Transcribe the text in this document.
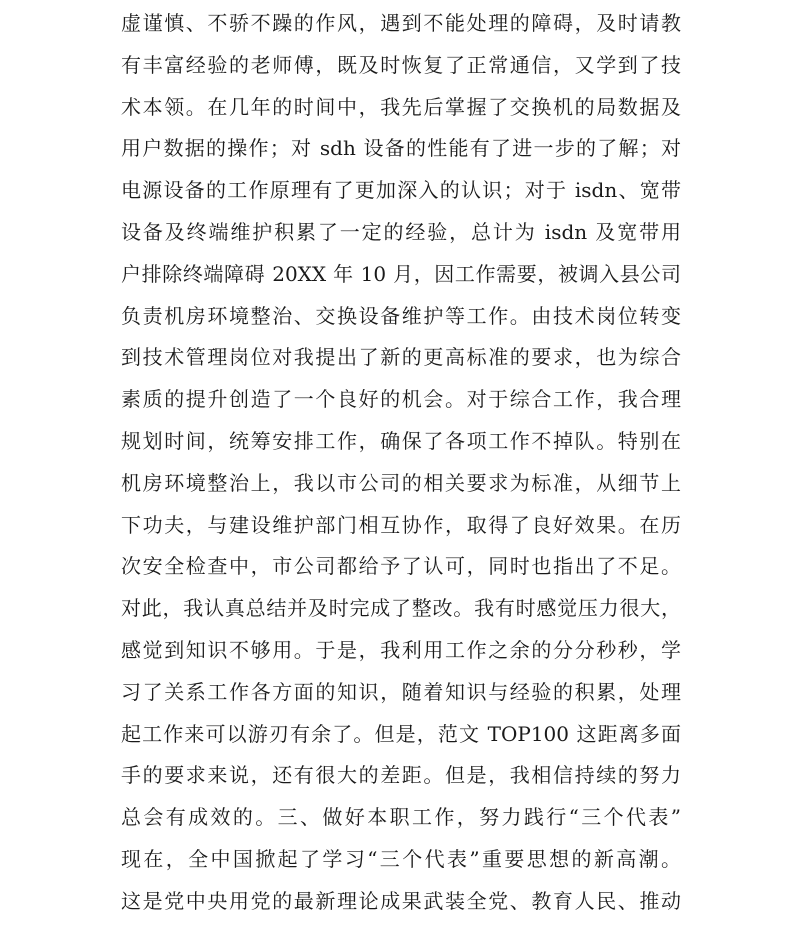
虚谨慎、不骄不躁的作风，遇到不能处理的障碍，及时请教
有丰富经验的老师傅，既及时恢复了正常通信，又学到了技
术本领。在几年的时间中，我先后掌握了交换机的局数据及
用户数据的操作；对 sdh 设备的性能有了进一步的了解；对
电源设备的工作原理有了更加深入的认识；对于 isdn、宽带
设备及终端维护积累了一定的经验，总计为 isdn 及宽带用
户排除终端障碍 20XX 年 10 月，因工作需要，被调入县公司
负责机房环境整治、交换设备维护等工作。由技术岗位转变
到技术管理岗位对我提出了新的更高标准的要求，也为综合
素质的提升创造了一个良好的机会。对于综合工作，我合理
规划时间，统筹安排工作，确保了各项工作不掉队。特别在
机房环境整治上，我以市公司的相关要求为标准，从细节上
下功夫，与建设维护部门相互协作，取得了良好效果。在历
次安全检查中，市公司都给予了认可，同时也指出了不足。
对此，我认真总结并及时完成了整改。我有时感觉压力很大，
感觉到知识不够用。于是，我利用工作之余的分分秒秒，学
习了关系工作各方面的知识，随着知识与经验的积累，处理
起工作来可以游刃有余了。但是，范文 TOP100 这距离多面
手的要求来说，还有很大的差距。但是，我相信持续的努力
总会有成效的。三、做好本职工作，努力践行“三个代表”
现在，全中国掀起了学习“三个代表”重要思想的新高潮。
这是党中央用党的最新理论成果武装全党、教育人民、推动
